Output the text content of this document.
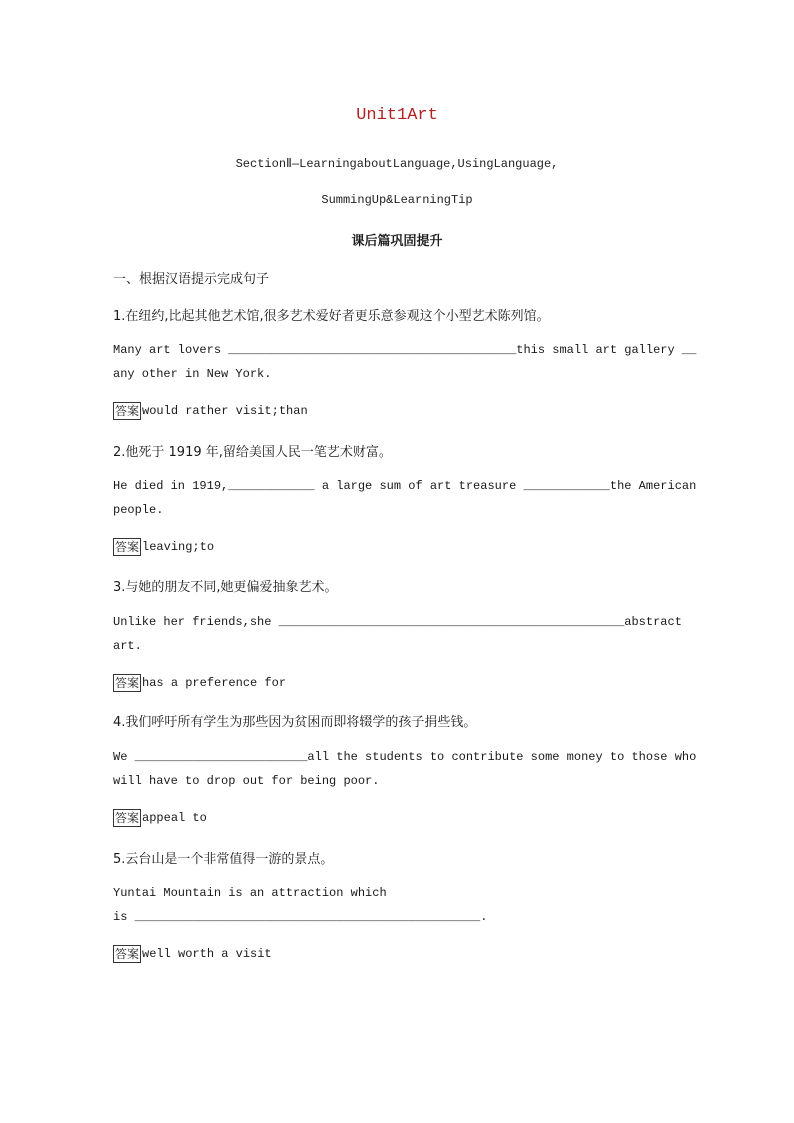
Unit1Art
SectionⅡ—LearningaboutLanguage,UsingLanguage,
SummingUp&LearningTip
课后篇巩固提升
一、根据汉语提示完成句子
1.在纽约,比起其他艺术馆,很多艺术爱好者更乐意参观这个小型艺术陈列馆。
Many art lovers ________________________________________this small art gallery __
any other in New York.
答案 would rather visit;than
2.他死于 1919 年,留给美国人民一笔艺术财富。
He died in 1919,____________ a large sum of art treasure ____________the American
people.
答案 leaving;to
3.与她的朋友不同,她更偏爱抽象艺术。
Unlike her friends,she ________________________________________________abstract
art.
答案 has a preference for
4.我们呼吁所有学生为那些因为贫困而即将辍学的孩子捐些钱。
We ________________________all the students to contribute some money to those who
will have to drop out for being poor.
答案 appeal to
5.云台山是一个非常值得一游的景点。
Yuntai Mountain is an attraction which
is ________________________________________________.
答案 well worth a visit
